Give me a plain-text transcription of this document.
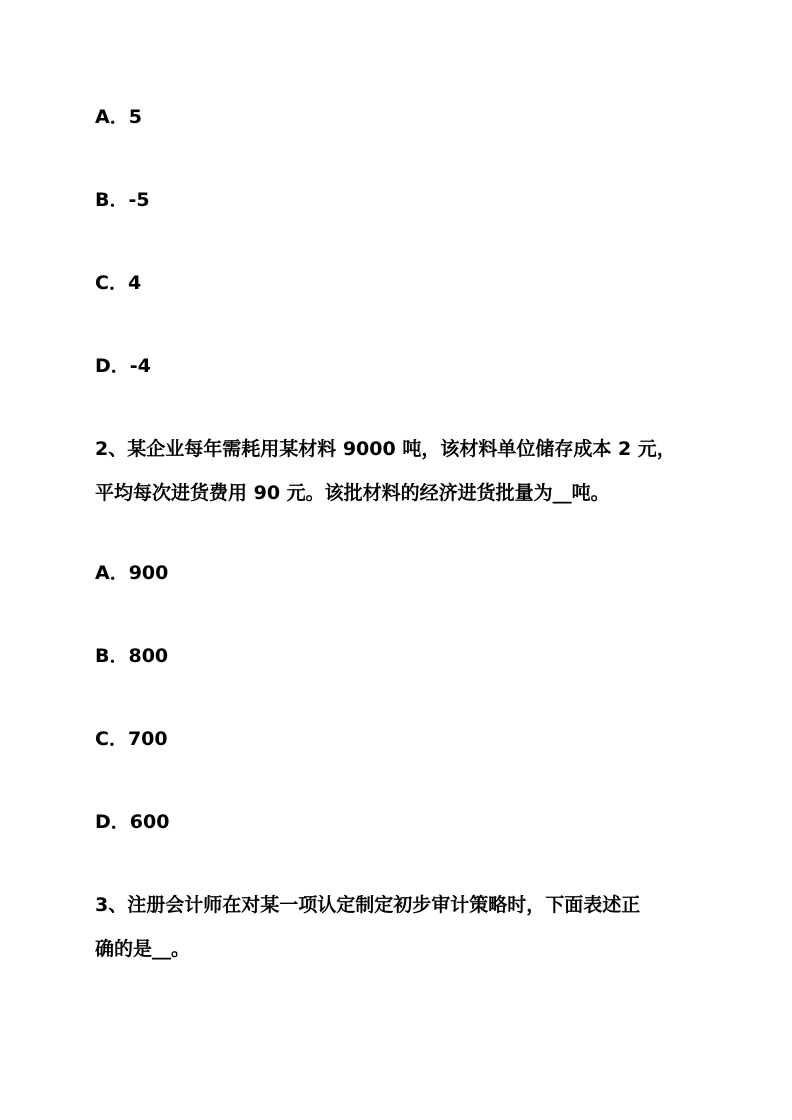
A．5
B．-5
C．4
D．-4
2、某企业每年需耗用某材料 9000 吨，该材料单位储存成本 2 元，
平均每次进货费用 90 元。该批材料的经济进货批量为__吨。
A．900
B．800
C．700
D．600
3、注册会计师在对某一项认定制定初步审计策略时，下面表述正
确的是__。
